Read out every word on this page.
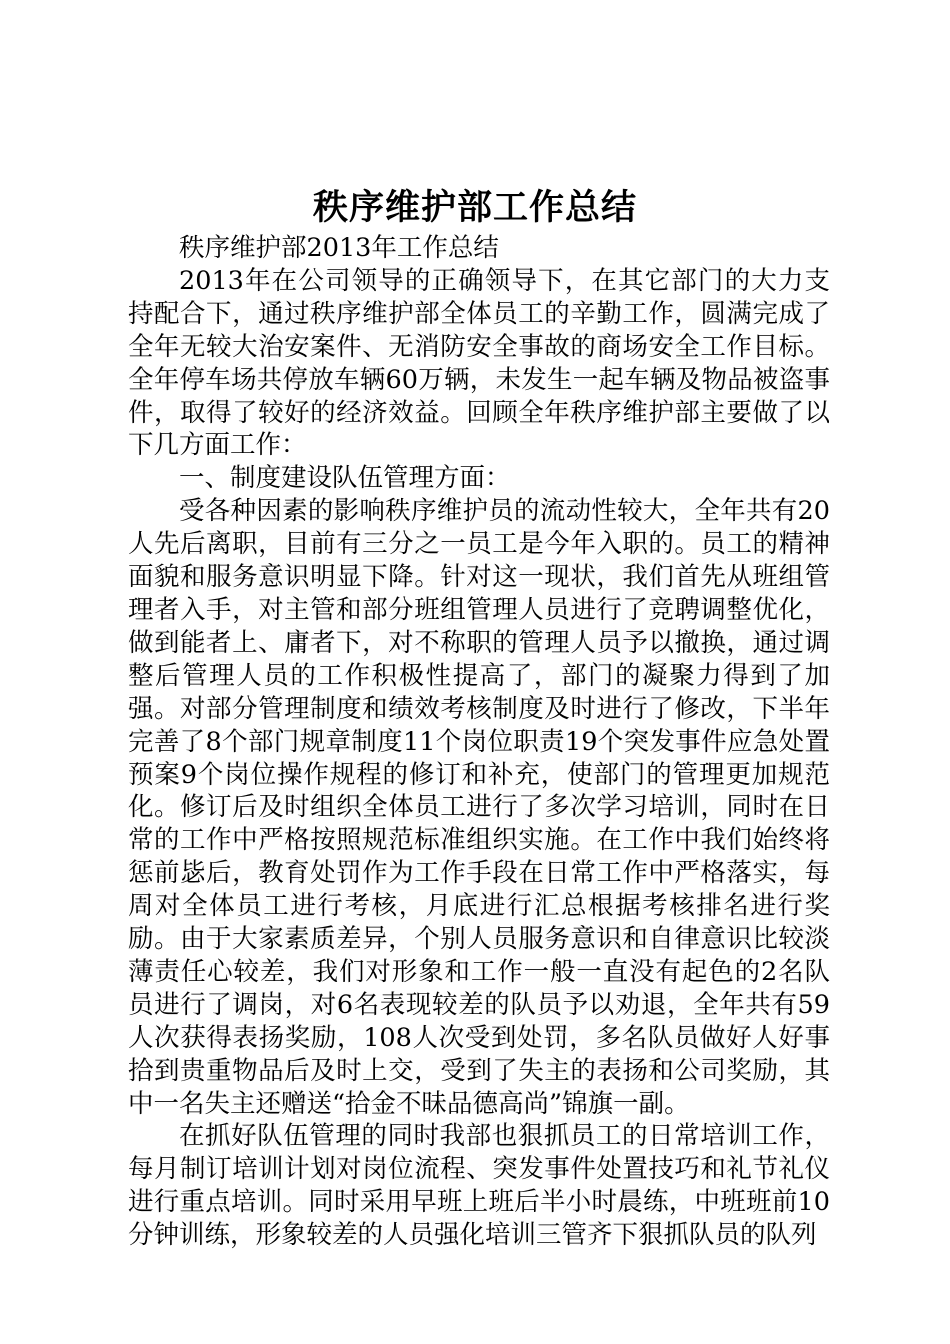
秩序维护部工作总结

秩序维护部2013年工作总结

2013年在公司领导的正确领导下，在其它部门的大力支持配合下，通过秩序维护部全体员工的辛勤工作，圆满完成了全年无较大治安案件、无消防安全事故的商场安全工作目标。全年停车场共停放车辆60万辆，未发生一起车辆及物品被盗事件，取得了较好的经济效益。回顾全年秩序维护部主要做了以下几方面工作：

一、制度建设队伍管理方面：

受各种因素的影响秩序维护员的流动性较大，全年共有20人先后离职，目前有三分之一员工是今年入职的。员工的精神面貌和服务意识明显下降。针对这一现状，我们首先从班组管理者入手，对主管和部分班组管理人员进行了竞聘调整优化，做到能者上、庸者下，对不称职的管理人员予以撤换，通过调整后管理人员的工作积极性提高了，部门的凝聚力得到了加强。对部分管理制度和绩效考核制度及时进行了修改，下半年完善了8个部门规章制度11个岗位职责19个突发事件应急处置预案9个岗位操作规程的修订和补充，使部门的管理更加规范化。修订后及时组织全体员工进行了多次学习培训，同时在日常的工作中严格按照规范标准组织实施。在工作中我们始终将惩前毖后，教育处罚作为工作手段在日常工作中严格落实，每周对全体员工进行考核，月底进行汇总根据考核排名进行奖励。由于大家素质差异，个别人员服务意识和自律意识比较淡薄责任心较差，我们对形象和工作一般一直没有起色的2名队员进行了调岗，对6名表现较差的队员予以劝退，全年共有59人次获得表扬奖励，108人次受到处罚，多名队员做好人好事拾到贵重物品后及时上交，受到了失主的表扬和公司奖励，其中一名失主还赠送“拾金不昧品德高尚”锦旗一副。

在抓好队伍管理的同时我部也狠抓员工的日常培训工作，每月制订培训计划对岗位流程、突发事件处置技巧和礼节礼仪进行重点培训。同时采用早班上班后半小时晨练，中班班前10分钟训练，形象较差的人员强化培训三管齐下狠抓队员的队列
